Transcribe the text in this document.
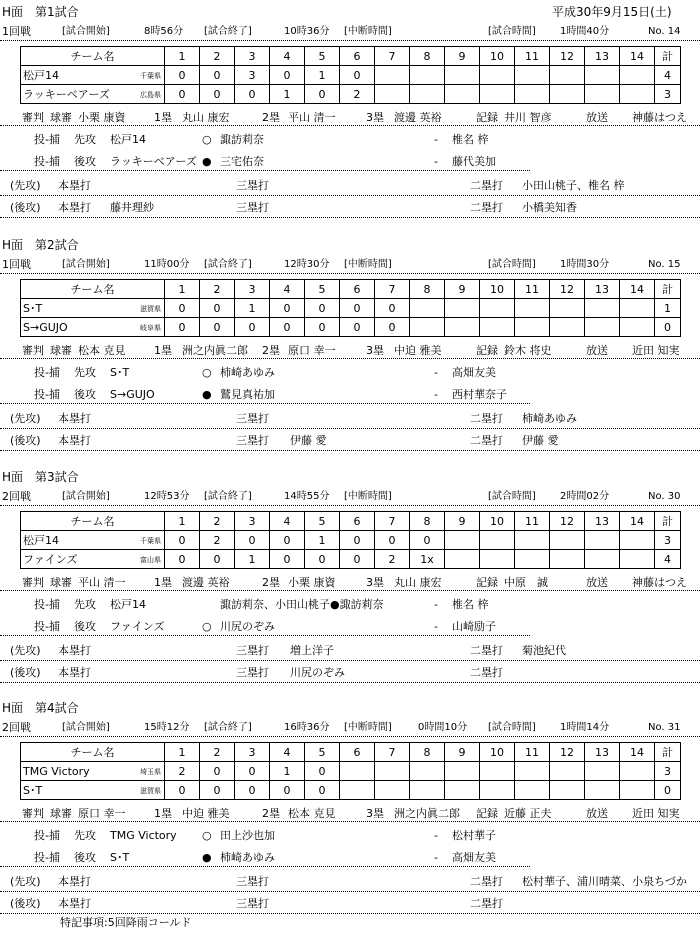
平成30年9月15日(土)
H面　第1試合
1回戦	[試合開始]	8時56分 [試合終了]	10時36分 [中断時間]	[試合時間] 1時間40分	No. 14
チーム名	1	2	3	4	5	6	7	8	9	10	11	12	13	14	計
松戸14 千葉県	0	0	3	0	1	0									4
ラッキーベアーズ 広島県	0	0	0	1	0	2									3
審判 球審 小栗 康資	1塁 丸山 康宏	2塁 平山 清一	3塁 渡邊 英裕	記録 井川 智彦	放送 神藤はつえ
投-捕 先攻 松戸14	○ 諏訪莉奈	- 椎名 梓
投-捕 後攻 ラッキーベアーズ ● 三宅佑奈	- 藤代美加
(先攻) 本塁打	三塁打	二塁打 小田山桃子、椎名 梓
(後攻) 本塁打 藤井理紗	三塁打	二塁打 小橋美知香
H面　第2試合
1回戦	[試合開始]	11時00分 [試合終了]	12時30分 [中断時間]	[試合時間] 1時間30分	No. 15
チーム名	1	2	3	4	5	6	7	8	9	10	11	12	13	14	計
S･T 滋賀県	0	0	1	0	0	0	0								1
S→GUJO 岐阜県	0	0	0	0	0	0	0								0
審判 球審 松本 克見	1塁 洲之内眞二郎 2塁 原口 幸一	3塁 中迫 雅美	記録 鈴木 将史	放送 近田 知実
投-捕 先攻 S･T	○ 柿崎あゆみ	- 高畑友美
投-捕 後攻 S→GUJO	● 鷲見真祐加	- 西村華奈子
(先攻) 本塁打	三塁打	二塁打 柿崎あゆみ
(後攻) 本塁打	三塁打 伊藤 愛	二塁打 伊藤 愛
H面　第3試合
2回戦	[試合開始]	12時53分 [試合終了]	14時55分 [中断時間]	[試合時間] 2時間02分	No. 30
チーム名	1	2	3	4	5	6	7	8	9	10	11	12	13	14	計
松戸14 千葉県	0	2	0	0	1	0	0	0							3
ファインズ 富山県	0	0	1	0	0	0	2	1x							4
審判 球審 平山 清一	1塁 渡邊 英裕	2塁 小栗 康資	3塁 丸山 康宏	記録 中原　誠	放送 神藤はつえ
投-捕 先攻 松戸14	諏訪莉奈、小田山桃子●諏訪莉奈	- 椎名 梓
投-捕 後攻 ファインズ	○ 川尻のぞみ	- 山崎励子
(先攻) 本塁打	三塁打 増上洋子	二塁打 菊池紀代
(後攻) 本塁打	三塁打 川尻のぞみ	二塁打
H面　第4試合
2回戦	[試合開始]	15時12分 [試合終了]	16時36分 [中断時間]	0時間10分 [試合時間] 1時間14分	No. 31
チーム名	1	2	3	4	5	6	7	8	9	10	11	12	13	14	計
TMG Victory 埼玉県	2	0	0	1	0										3
S･T 滋賀県	0	0	0	0	0										0
審判 球審 原口 幸一	1塁 中迫 雅美	2塁 松本 克見	3塁 洲之内眞二郎 記録 近藤 正夫	放送 近田 知実
投-捕 先攻 TMG Victory ○ 田上沙也加	- 松村華子
投-捕 後攻 S･T	● 柿崎あゆみ	- 高畑友美
(先攻) 本塁打	三塁打	二塁打 松村華子、浦川晴菜、小泉ちづか
(後攻) 本塁打	三塁打	二塁打
特記事項:5回降雨コールド
